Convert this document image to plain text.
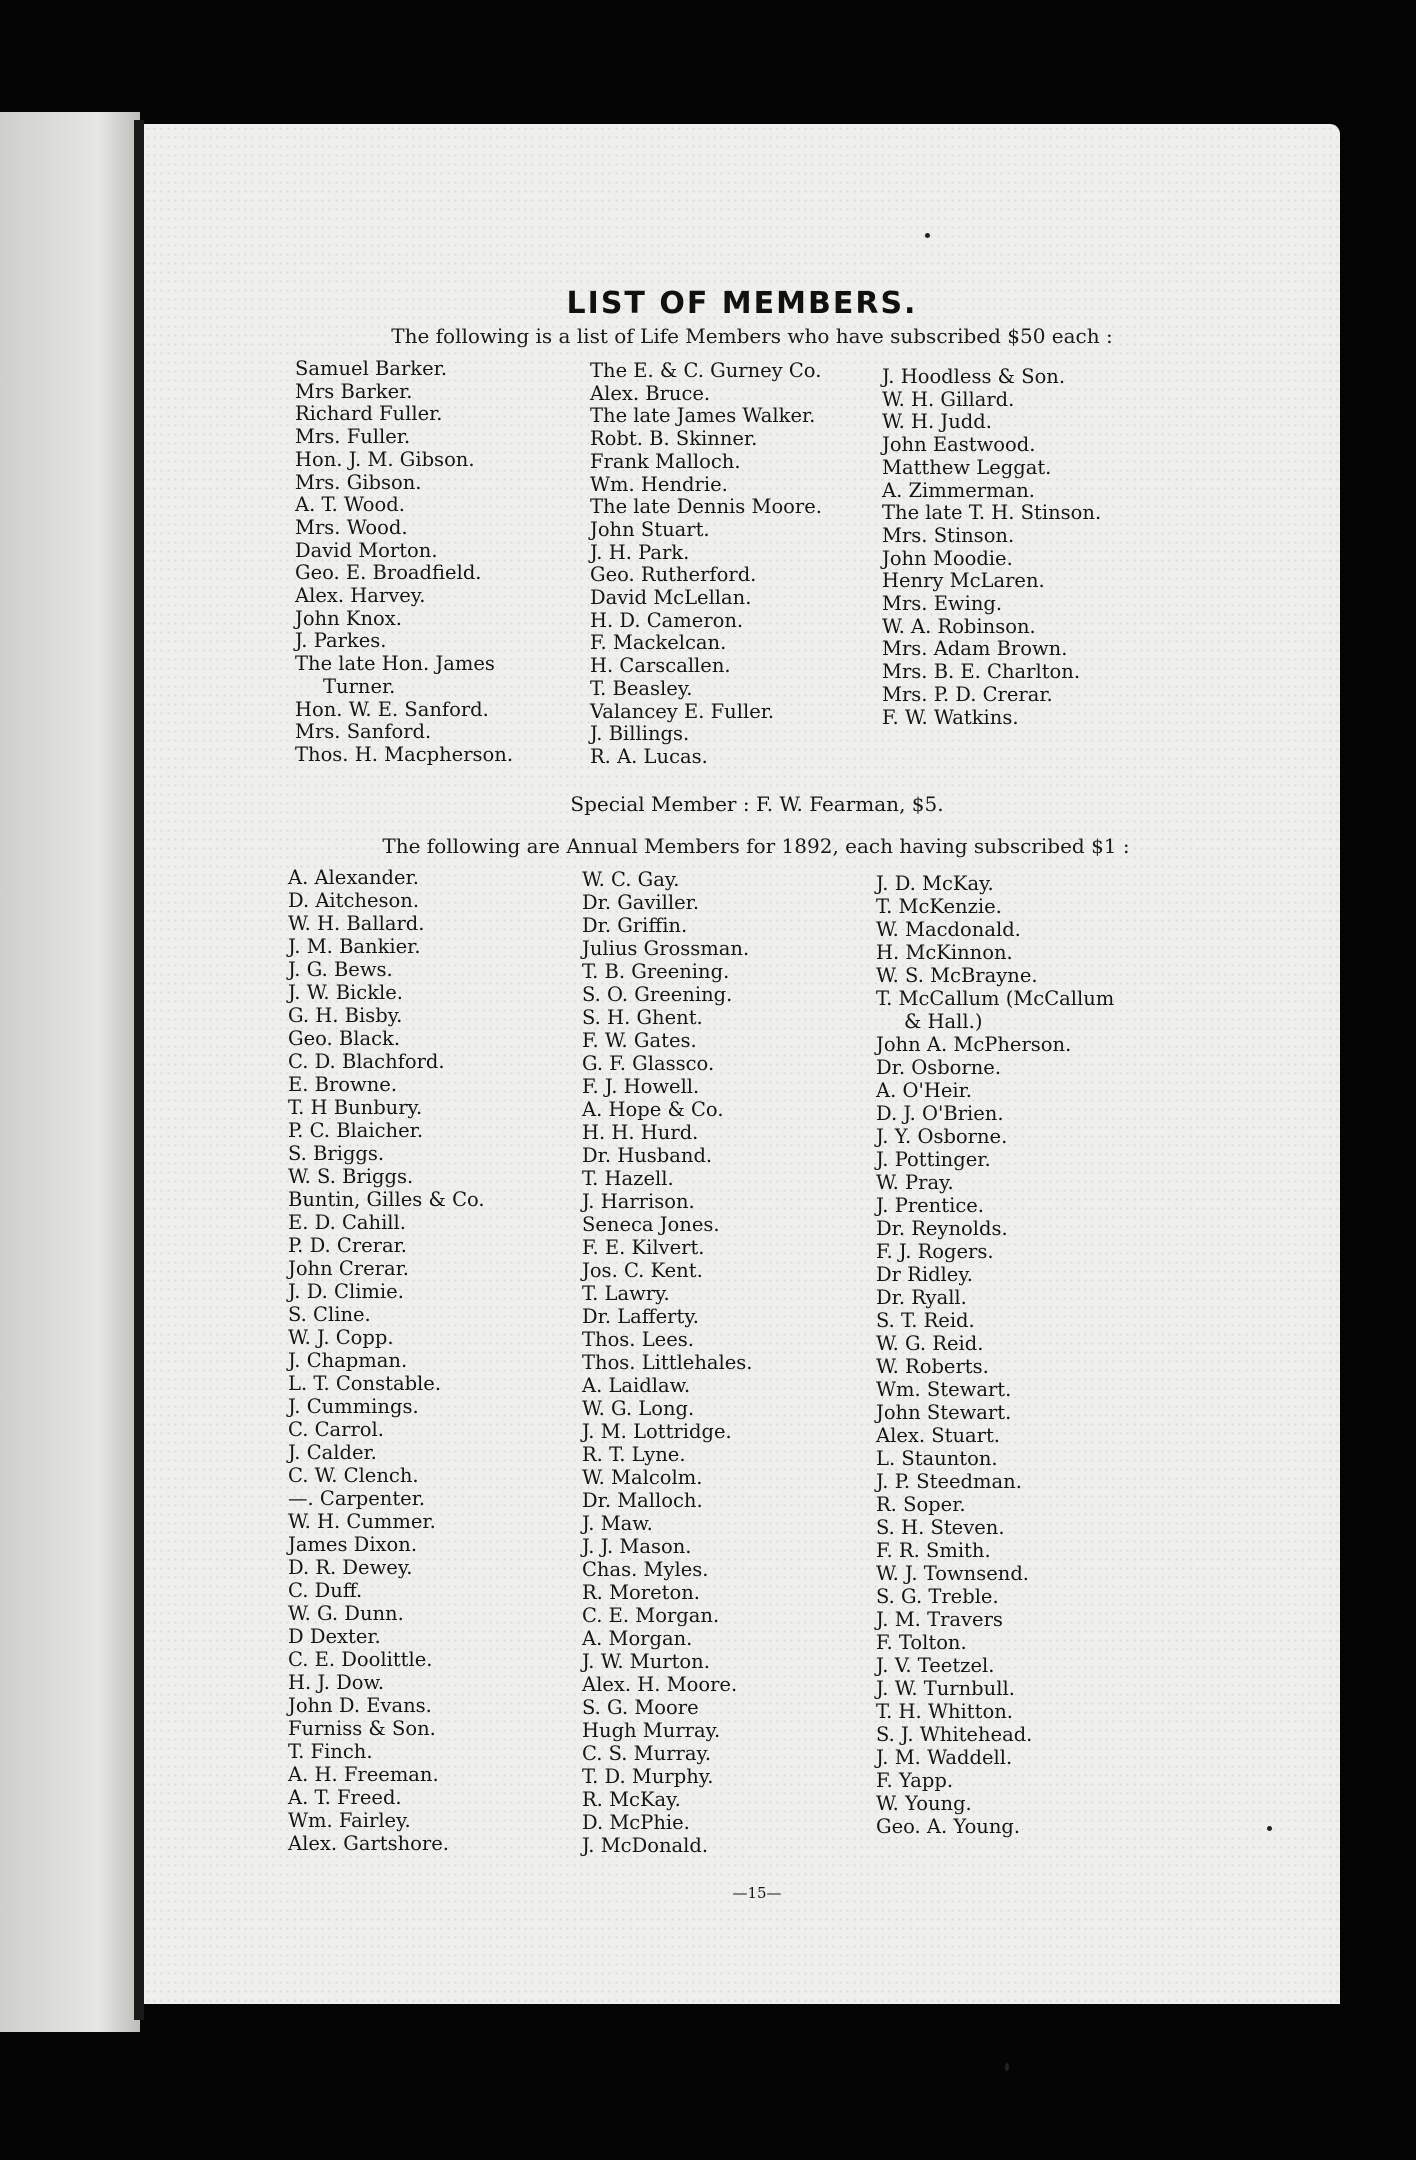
LIST OF MEMBERS.
The following is a list of Life Members who have subscribed $50 each :
Samuel Barker.
Mrs Barker.
Richard Fuller.
Mrs. Fuller.
Hon. J. M. Gibson.
Mrs. Gibson.
A. T. Wood.
Mrs. Wood.
David Morton.
Geo. E. Broadfield.
Alex. Harvey.
John Knox.
J. Parkes.
The late Hon. James
Turner.
Hon. W. E. Sanford.
Mrs. Sanford.
Thos. H. Macpherson.
The E. & C. Gurney Co.
Alex. Bruce.
The late James Walker.
Robt. B. Skinner.
Frank Malloch.
Wm. Hendrie.
The late Dennis Moore.
John Stuart.
J. H. Park.
Geo. Rutherford.
David McLellan.
H. D. Cameron.
F. Mackelcan.
H. Carscallen.
T. Beasley.
Valancey E. Fuller.
J. Billings.
R. A. Lucas.
J. Hoodless & Son.
W. H. Gillard.
W. H. Judd.
John Eastwood.
Matthew Leggat.
A. Zimmerman.
The late T. H. Stinson.
Mrs. Stinson.
John Moodie.
Henry McLaren.
Mrs. Ewing.
W. A. Robinson.
Mrs. Adam Brown.
Mrs. B. E. Charlton.
Mrs. P. D. Crerar.
F. W. Watkins.
Special Member : F. W. Fearman, $5.
The following are Annual Members for 1892, each having subscribed $1 :
A. Alexander.
D. Aitcheson.
W. H. Ballard.
J. M. Bankier.
J. G. Bews.
J. W. Bickle.
G. H. Bisby.
Geo. Black.
C. D. Blachford.
E. Browne.
T. H Bunbury.
P. C. Blaicher.
S. Briggs.
W. S. Briggs.
Buntin, Gilles & Co.
E. D. Cahill.
P. D. Crerar.
John Crerar.
J. D. Climie.
S. Cline.
W. J. Copp.
J. Chapman.
L. T. Constable.
J. Cummings.
C. Carrol.
J. Calder.
C. W. Clench.
—. Carpenter.
W. H. Cummer.
James Dixon.
D. R. Dewey.
C. Duff.
W. G. Dunn.
D Dexter.
C. E. Doolittle.
H. J. Dow.
John D. Evans.
Furniss & Son.
T. Finch.
A. H. Freeman.
A. T. Freed.
Wm. Fairley.
Alex. Gartshore.
W. C. Gay.
Dr. Gaviller.
Dr. Griffin.
Julius Grossman.
T. B. Greening.
S. O. Greening.
S. H. Ghent.
F. W. Gates.
G. F. Glassco.
F. J. Howell.
A. Hope & Co.
H. H. Hurd.
Dr. Husband.
T. Hazell.
J. Harrison.
Seneca Jones.
F. E. Kilvert.
Jos. C. Kent.
T. Lawry.
Dr. Lafferty.
Thos. Lees.
Thos. Littlehales.
A. Laidlaw.
W. G. Long.
J. M. Lottridge.
R. T. Lyne.
W. Malcolm.
Dr. Malloch.
J. Maw.
J. J. Mason.
Chas. Myles.
R. Moreton.
C. E. Morgan.
A. Morgan.
J. W. Murton.
Alex. H. Moore.
S. G. Moore
Hugh Murray.
C. S. Murray.
T. D. Murphy.
R. McKay.
D. McPhie.
J. McDonald.
J. D. McKay.
T. McKenzie.
W. Macdonald.
H. McKinnon.
W. S. McBrayne.
T. McCallum (McCallum
& Hall.)
John A. McPherson.
Dr. Osborne.
A. O'Heir.
D. J. O'Brien.
J. Y. Osborne.
J. Pottinger.
W. Pray.
J. Prentice.
Dr. Reynolds.
F. J. Rogers.
Dr Ridley.
Dr. Ryall.
S. T. Reid.
W. G. Reid.
W. Roberts.
Wm. Stewart.
John Stewart.
Alex. Stuart.
L. Staunton.
J. P. Steedman.
R. Soper.
S. H. Steven.
F. R. Smith.
W. J. Townsend.
S. G. Treble.
J. M. Travers
F. Tolton.
J. V. Teetzel.
J. W. Turnbull.
T. H. Whitton.
S. J. Whitehead.
J. M. Waddell.
F. Yapp.
W. Young.
Geo. A. Young.
—15—
